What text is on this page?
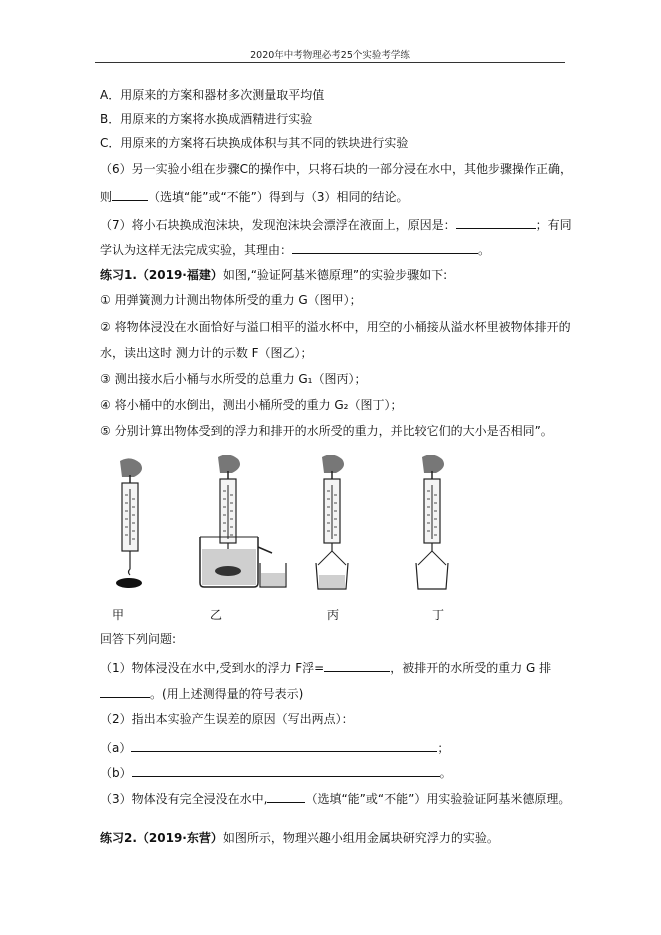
2020年中考物理必考25个实验考学练
A．用原来的方案和器材多次测量取平均值
B．用原来的方案将水换成酒精进行实验
C．用原来的方案将石块换成体积与其不同的铁块进行实验
（6）另一实验小组在步骤C的操作中，只将石块的一部分浸在水中，其他步骤操作正确，
则	（选填“能”或“不能”）得到与（3）相同的结论。
（7）将小石块换成泡沫块，发现泡沫块会漂浮在液面上，原因是：	；有同
学认为这样无法完成实验，其理由：	。
练习1.（2019·福建）如图,“验证阿基米德原理”的实验步骤如下:
① 用弹簧测力计测出物体所受的重力 G（图甲）；
② 将物体浸没在水面恰好与溢口相平的溢水杯中，用空的小桶接从溢水杯里被物体排开的
水，读出这时 测力计的示数 F（图乙）；
③ 测出接水后小桶与水所受的总重力 G₁（图丙）；
④ 将小桶中的水倒出，测出小桶所受的重力 G₂（图丁）；
⑤ 分别计算出物体受到的浮力和排开的水所受的重力，并比较它们的大小是否相同”。
甲	乙	丙	丁
回答下列问题:
（1）物体浸没在水中,受到水的浮力 F浮=	，被排开的水所受的重力 G 排
。(用上述测得量的符号表示)
（2）指出本实验产生误差的原因（写出两点）：
（a）	；
（b）	。
（3）物体没有完全浸没在水中,	（选填“能”或“不能”）用实验验证阿基米德原理。
练习2.（2019·东营）如图所示，物理兴趣小组用金属块研究浮力的实验。
